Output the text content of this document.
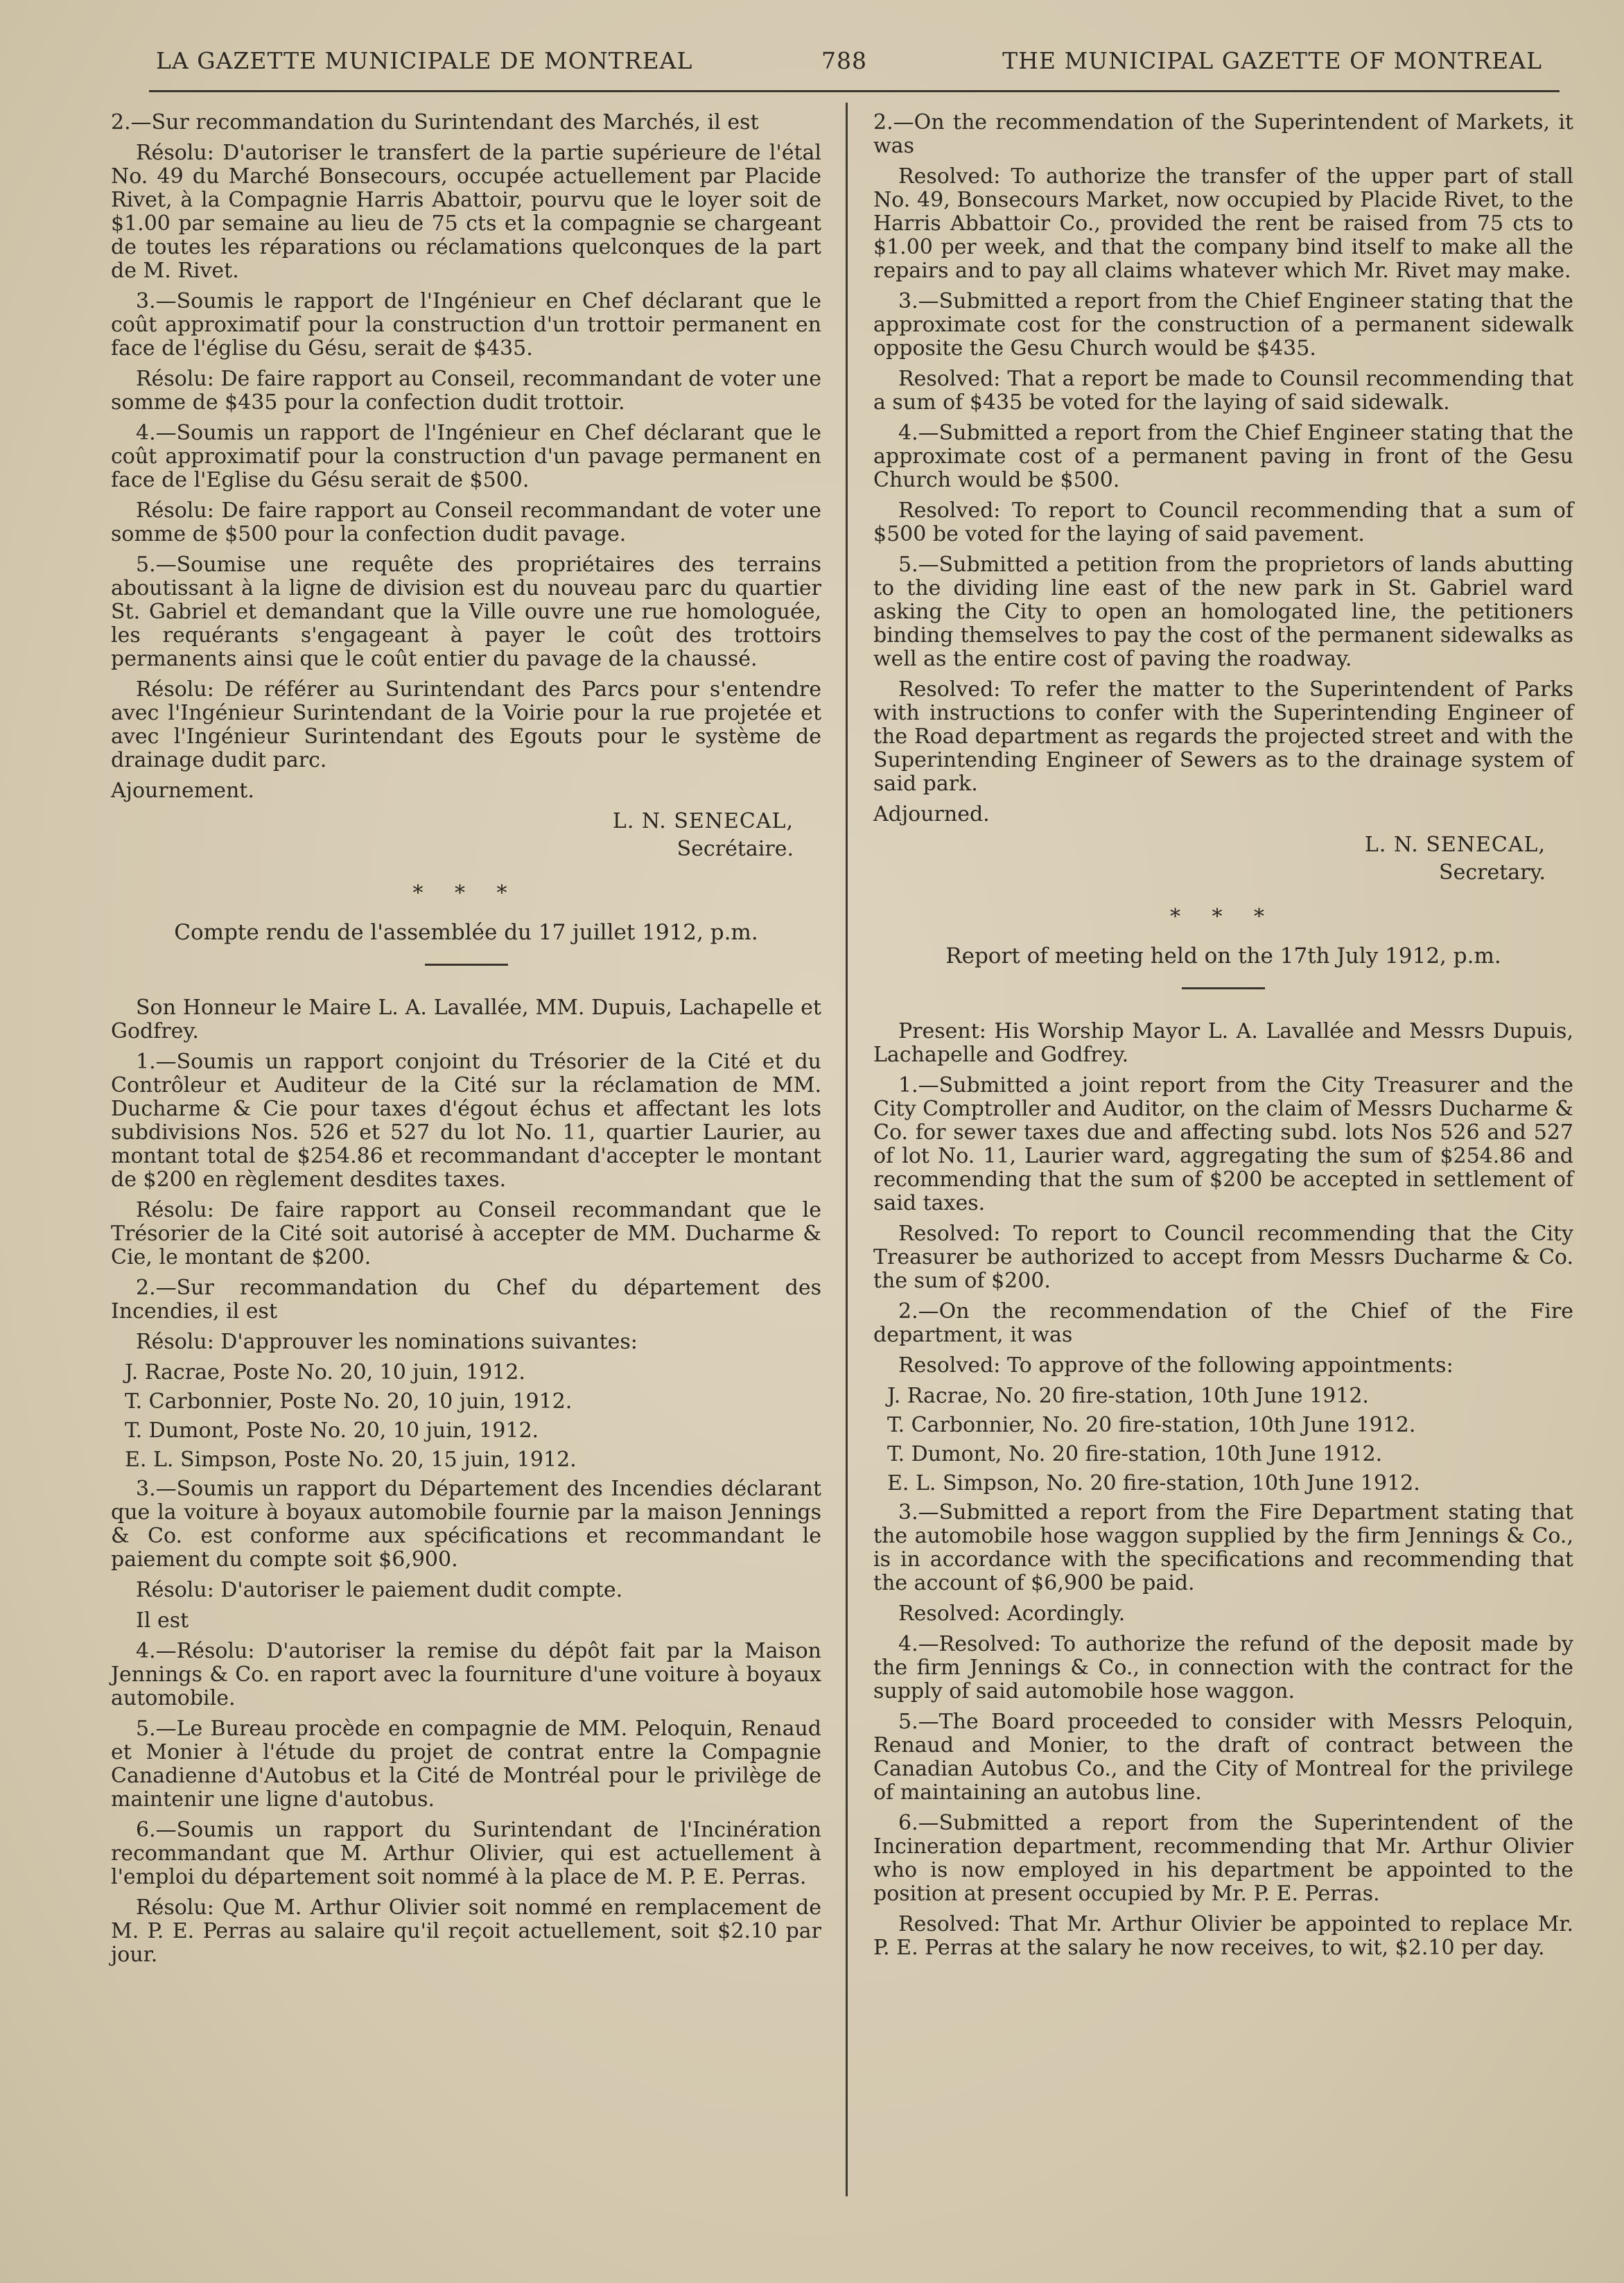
LA GAZETTE MUNICIPALE DE MONTREAL	788	THE MUNICIPAL GAZETTE OF MONTREAL

2.—Sur recommandation du Surintendant des Marchés, il est

Résolu: D'autoriser le transfert de la partie supérieure de l'étal No. 49 du Marché Bonsecours, occupée actuellement par Placide Rivet, à la Compagnie Harris Abattoir, pourvu que le loyer soit de $1.00 par semaine au lieu de 75 cts et la compagnie se chargeant de toutes les réparations ou réclamations quelconques de la part de M. Rivet.

3.—Soumis le rapport de l'Ingénieur en Chef déclarant que le coût approximatif pour la construction d'un trottoir permanent en face de l'église du Gésu, serait de $435.

Résolu: De faire rapport au Conseil, recommandant de voter une somme de $435 pour la confection dudit trottoir.

4.—Soumis un rapport de l'Ingénieur en Chef déclarant que le coût approximatif pour la construction d'un pavage permanent en face de l'Eglise du Gésu serait de $500.

Résolu: De faire rapport au Conseil recommandant de voter une somme de $500 pour la confection dudit pavage.

5.—Soumise une requête des propriétaires des terrains aboutissant à la ligne de division est du nouveau parc du quartier St. Gabriel et demandant que la Ville ouvre une rue homologuée, les requérants s'engageant à payer le coût des trottoirs permanents ainsi que le coût entier du pavage de la chaussé.

Résolu: De référer au Surintendant des Parcs pour s'entendre avec l'Ingénieur Surintendant de la Voirie pour la rue projetée et avec l'Ingénieur Surintendant des Egouts pour le système de drainage dudit parc.

Ajournement.

L. N. SENECAL,
Secrétaire.
* * *
Compte rendu de l'assemblée du 17 juillet 1912, p.m.

Son Honneur le Maire L. A. Lavallée, MM. Dupuis, Lachapelle et Godfrey.

1.—Soumis un rapport conjoint du Trésorier de la Cité et du Contrôleur et Auditeur de la Cité sur la réclamation de MM. Ducharme & Cie pour taxes d'égout échus et affectant les lots subdivisions Nos. 526 et 527 du lot No. 11, quartier Laurier, au montant total de $254.86 et recommandant d'accepter le montant de $200 en règlement desdites taxes.

Résolu: De faire rapport au Conseil recommandant que le Trésorier de la Cité soit autorisé à accepter de MM. Ducharme & Cie, le montant de $200.

2.—Sur recommandation du Chef du département des Incendies, il est

Résolu: D'approuver les nominations suivantes:

J. Racrae, Poste No. 20, 10 juin, 1912.

T. Carbonnier, Poste No. 20, 10 juin, 1912.

T. Dumont, Poste No. 20, 10 juin, 1912.

E. L. Simpson, Poste No. 20, 15 juin, 1912.

3.—Soumis un rapport du Département des Incendies déclarant que la voiture à boyaux automobile fournie par la maison Jennings & Co. est conforme aux spécifications et recommandant le paiement du compte soit $6,900.

Résolu: D'autoriser le paiement dudit compte.

Il est

4.—Résolu: D'autoriser la remise du dépôt fait par la Maison Jennings & Co. en raport avec la fourniture d'une voiture à boyaux automobile.

5.—Le Bureau procède en compagnie de MM. Peloquin, Renaud et Monier à l'étude du projet de contrat entre la Compagnie Canadienne d'Autobus et la Cité de Montréal pour le privilège de maintenir une ligne d'autobus.

6.—Soumis un rapport du Surintendant de l'Incinération recommandant que M. Arthur Olivier, qui est actuellement à l'emploi du département soit nommé à la place de M. P. E. Perras.

Résolu: Que M. Arthur Olivier soit nommé en remplacement de M. P. E. Perras au salaire qu'il reçoit actuellement, soit $2.10 par jour.

2.—On the recommendation of the Superintendent of Markets, it was

Resolved: To authorize the transfer of the upper part of stall No. 49, Bonsecours Market, now occupied by Placide Rivet, to the Harris Abbattoir Co., provided the rent be raised from 75 cts to $1.00 per week, and that the company bind itself to make all the repairs and to pay all claims whatever which Mr. Rivet may make.

3.—Submitted a report from the Chief Engineer stating that the approximate cost for the construction of a permanent sidewalk opposite the Gesu Church would be $435.

Resolved: That a report be made to Counsil recommending that a sum of $435 be voted for the laying of said sidewalk.

4.—Submitted a report from the Chief Engineer stating that the approximate cost of a permanent paving in front of the Gesu Church would be $500.

Resolved: To report to Council recommending that a sum of $500 be voted for the laying of said pavement.

5.—Submitted a petition from the proprietors of lands abutting to the dividing line east of the new park in St. Gabriel ward asking the City to open an homologated line, the petitioners binding themselves to pay the cost of the permanent sidewalks as well as the entire cost of paving the roadway.

Resolved: To refer the matter to the Superintendent of Parks with instructions to confer with the Superintending Engineer of the Road department as regards the projected street and with the Superintending Engineer of Sewers as to the drainage system of said park.

Adjourned.

L. N. SENECAL,
Secretary.
* * *
Report of meeting held on the 17th July 1912, p.m.

Present: His Worship Mayor L. A. Lavallée and Messrs Dupuis, Lachapelle and Godfrey.

1.—Submitted a joint report from the City Treasurer and the City Comptroller and Auditor, on the claim of Messrs Ducharme & Co. for sewer taxes due and affecting subd. lots Nos 526 and 527 of lot No. 11, Laurier ward, aggregating the sum of $254.86 and recommending that the sum of $200 be accepted in settlement of said taxes.

Resolved: To report to Council recommending that the City Treasurer be authorized to accept from Messrs Ducharme & Co. the sum of $200.

2.—On the recommendation of the Chief of the Fire department, it was

Resolved: To approve of the following appointments:

J. Racrae, No. 20 fire-station, 10th June 1912.

T. Carbonnier, No. 20 fire-station, 10th June 1912.

T. Dumont, No. 20 fire-station, 10th June 1912.

E. L. Simpson, No. 20 fire-station, 10th June 1912.

3.—Submitted a report from the Fire Department stating that the automobile hose waggon supplied by the firm Jennings & Co., is in accordance with the specifications and recommending that the account of $6,900 be paid.

Resolved: Acordingly.

4.—Resolved: To authorize the refund of the deposit made by the firm Jennings & Co., in connection with the contract for the supply of said automobile hose waggon.

5.—The Board proceeded to consider with Messrs Peloquin, Renaud and Monier, to the draft of contract between the Canadian Autobus Co., and the City of Montreal for the privilege of maintaining an autobus line.

6.—Submitted a report from the Superintendent of the Incineration department, recommending that Mr. Arthur Olivier who is now employed in his department be appointed to the position at present occupied by Mr. P. E. Perras.

Resolved: That Mr. Arthur Olivier be appointed to replace Mr. P. E. Perras at the salary he now receives, to wit, $2.10 per day.
